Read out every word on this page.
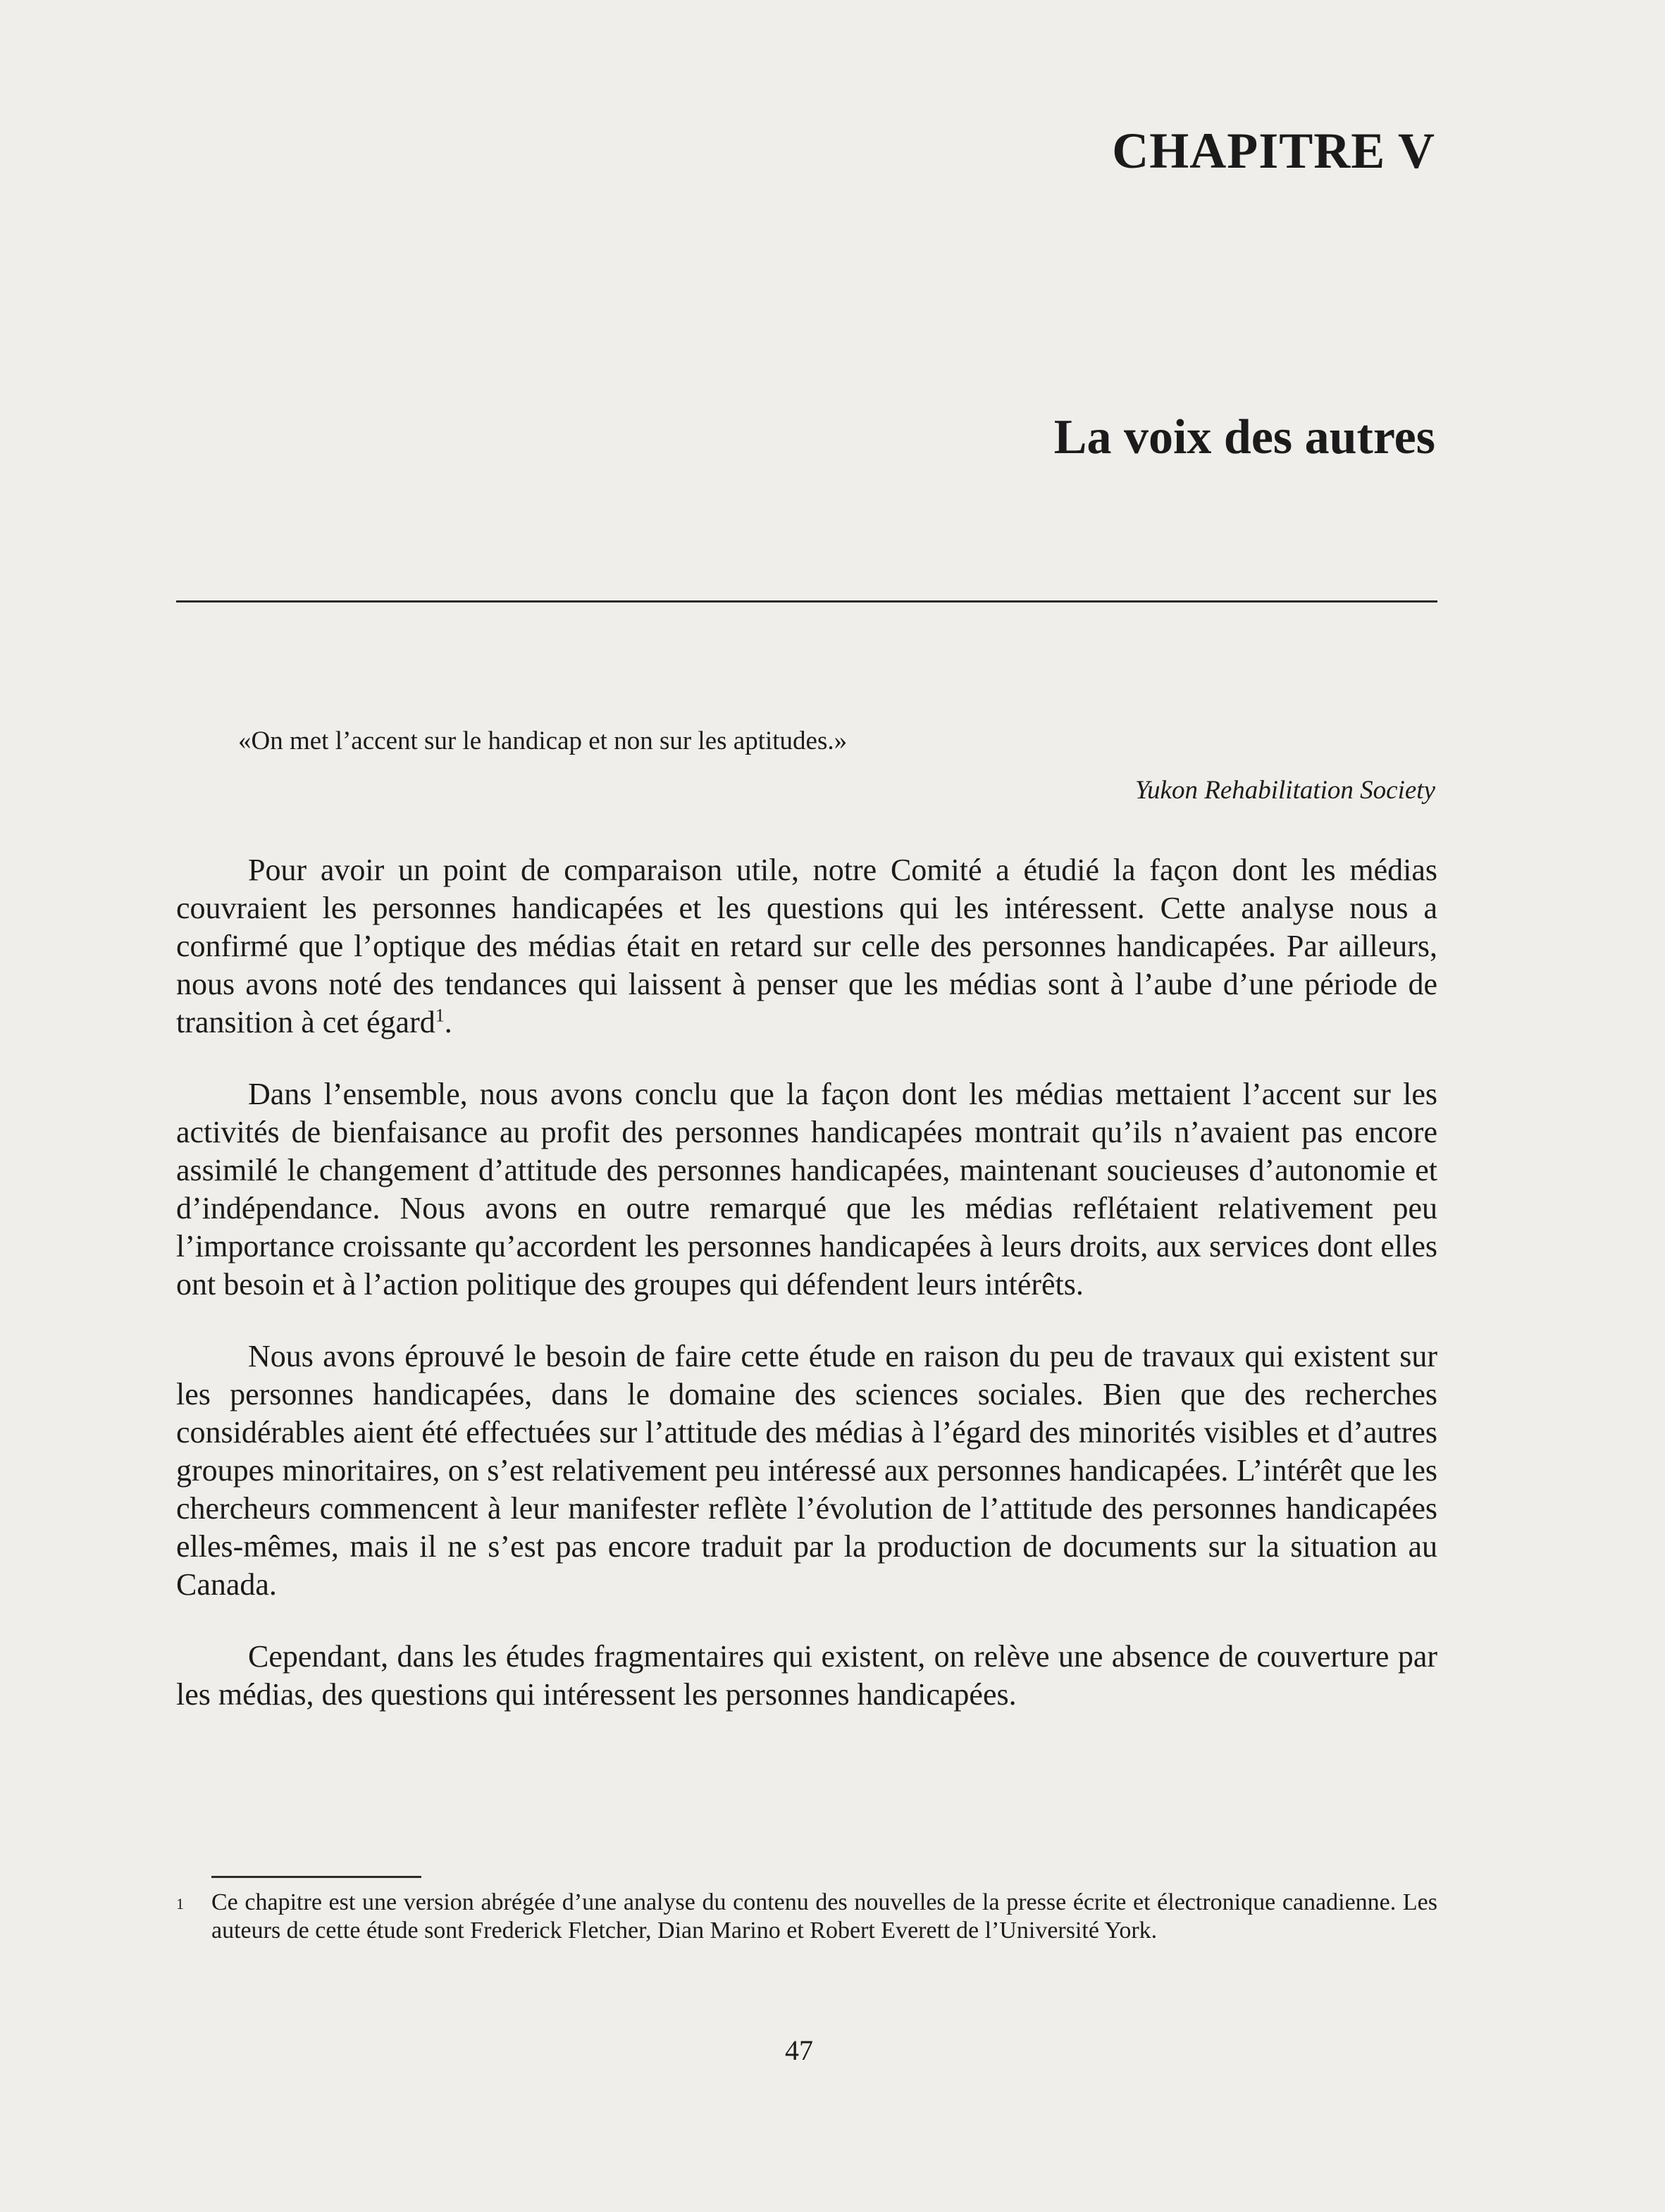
CHAPITRE V
La voix des autres

«On met l’accent sur le handicap et non sur les aptitudes.»

Yukon Rehabilitation Society

Pour avoir un point de comparaison utile, notre Comité a étudié la façon dont les médias couvraient les personnes handicapées et les questions qui les intéressent. Cette analyse nous a confirmé que l’optique des médias était en retard sur celle des personnes handicapées. Par ailleurs, nous avons noté des tendances qui laissent à penser que les médias sont à l’aube d’une période de transition à cet égard$^1$.

Dans l’ensemble, nous avons conclu que la façon dont les médias mettaient l’accent sur les activités de bienfaisance au profit des personnes handicapées montrait qu’ils n’avaient pas encore assimilé le changement d’attitude des personnes handicapées, maintenant soucieuses d’autonomie et d’indépendance. Nous avons en outre remarqué que les médias reflétaient relativement peu l’importance croissante qu’accordent les personnes handicapées à leurs droits, aux services dont elles ont besoin et à l’action politique des groupes qui défendent leurs intérêts.

Nous avons éprouvé le besoin de faire cette étude en raison du peu de travaux qui existent sur les personnes handicapées, dans le domaine des sciences sociales. Bien que des recherches considérables aient été effectuées sur l’attitude des médias à l’égard des minorités visibles et d’autres groupes minoritaires, on s’est relativement peu intéressé aux personnes handicapées. L’intérêt que les chercheurs commencent à leur manifester reflète l’évolution de l’attitude des personnes handicapées elles-mêmes, mais il ne s’est pas encore traduit par la production de documents sur la situation au Canada.

Cependant, dans les études fragmentaires qui existent, on relève une absence de couverture par les médias, des questions qui intéressent les personnes handicapées.

1	Ce chapitre est une version abrégée d’une analyse du contenu des nouvelles de la presse écrite et électronique canadienne. Les auteurs de cette étude sont Frederick Fletcher, Dian Marino et Robert Everett de l’Université York.

47
